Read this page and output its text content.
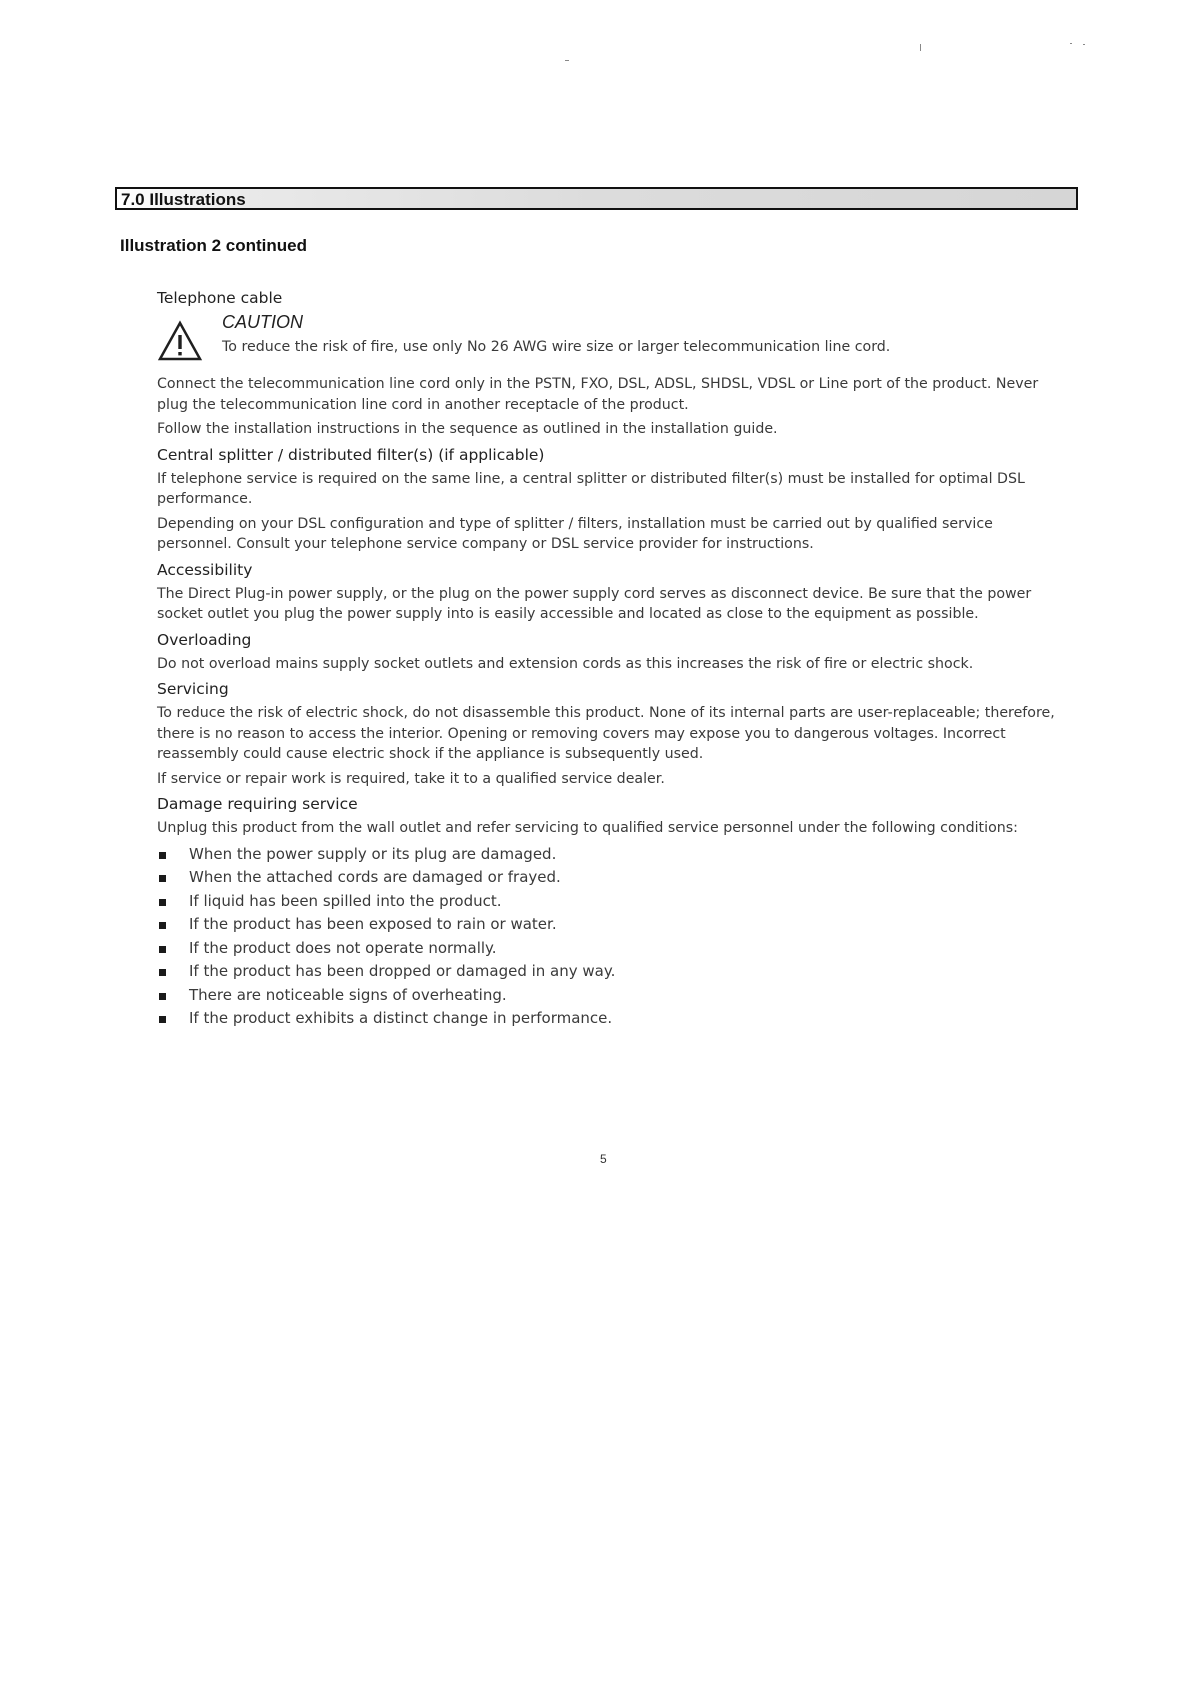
7.0 Illustrations
Illustration 2 continued
Telephone cable
CAUTION
To reduce the risk of fire, use only No 26 AWG wire size or larger telecommunication line cord.

Connect the telecommunication line cord only in the PSTN, FXO, DSL, ADSL, SHDSL, VDSL or Line port of the product. Never plug the telecommunication line cord in another receptacle of the product.

Follow the installation instructions in the sequence as outlined in the installation guide.

Central splitter / distributed filter(s) (if applicable)

If telephone service is required on the same line, a central splitter or distributed filter(s) must be installed for optimal DSL performance.

Depending on your DSL configuration and type of splitter / filters, installation must be carried out by qualified service personnel. Consult your telephone service company or DSL service provider for instructions.

Accessibility

The Direct Plug-in power supply, or the plug on the power supply cord serves as disconnect device. Be sure that the power socket outlet you plug the power supply into is easily accessible and located as close to the equipment as possible.

Overloading

Do not overload mains supply socket outlets and extension cords as this increases the risk of fire or electric shock.

Servicing

To reduce the risk of electric shock, do not disassemble this product. None of its internal parts are user-replaceable; therefore, there is no reason to access the interior. Opening or removing covers may expose you to dangerous voltages. Incorrect reassembly could cause electric shock if the appliance is subsequently used.

If service or repair work is required, take it to a qualified service dealer.

Damage requiring service

Unplug this product from the wall outlet and refer servicing to qualified service personnel under the following conditions:

When the power supply or its plug are damaged.
When the attached cords are damaged or frayed.
If liquid has been spilled into the product.
If the product has been exposed to rain or water.
If the product does not operate normally.
If the product has been dropped or damaged in any way.
There are noticeable signs of overheating.
If the product exhibits a distinct change in performance.
5
